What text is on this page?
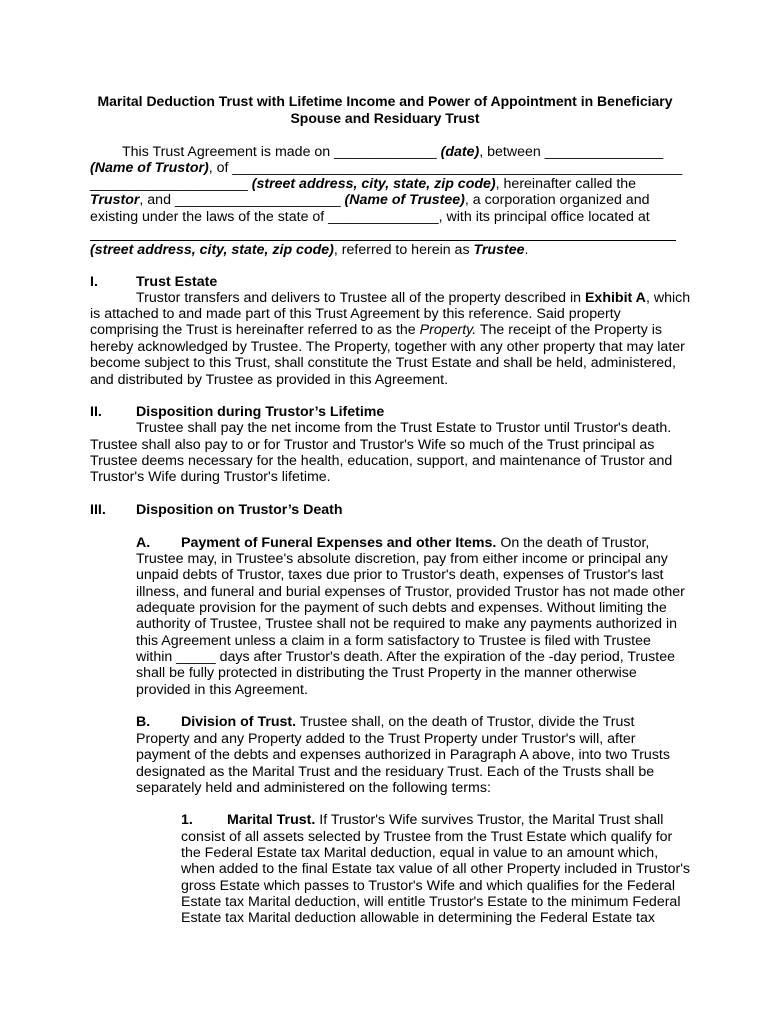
Marital Deduction Trust with Lifetime Income and Power of Appointment in Beneficiary Spouse and Residuary Trust
This Trust Agreement is made on _____________ (date), between _______________
(Name of Trustor), of _________________________________________________________
____________________ (street address, city, state, zip code), hereinafter called the
Trustor, and _____________________ (Name of Trustee), a corporation organized and
existing under the laws of the state of ______________, with its principal office located at
(street address, city, state, zip code), referred to herein as Trustee.
I.	Trust Estate
Trustor transfers and delivers to Trustee all of the property described in Exhibit A, which
is attached to and made part of this Trust Agreement by this reference. Said property
comprising the Trust is hereinafter referred to as the Property. The receipt of the Property is
hereby acknowledged by Trustee. The Property, together with any other property that may later
become subject to this Trust, shall constitute the Trust Estate and shall be held, administered,
and distributed by Trustee as provided in this Agreement.
II. Disposition during Trustor’s Lifetime
Trustee shall pay the net income from the Trust Estate to Trustor until Trustor's death.
Trustee shall also pay to or for Trustor and Trustor's Wife so much of the Trust principal as
Trustee deems necessary for the health, education, support, and maintenance of Trustor and
Trustor's Wife during Trustor's lifetime.
III. Disposition on Trustor’s Death
A. Payment of Funeral Expenses and other Items. On the death of Trustor,
Trustee may, in Trustee's absolute discretion, pay from either income or principal any
unpaid debts of Trustor, taxes due prior to Trustor's death, expenses of Trustor's last
illness, and funeral and burial expenses of Trustor, provided Trustor has not made other
adequate provision for the payment of such debts and expenses. Without limiting the
authority of Trustee, Trustee shall not be required to make any payments authorized in
this Agreement unless a claim in a form satisfactory to Trustee is filed with Trustee
within _____ days after Trustor's death. After the expiration of the -day period, Trustee
shall be fully protected in distributing the Trust Property in the manner otherwise
provided in this Agreement.
B. Division of Trust. Trustee shall, on the death of Trustor, divide the Trust
Property and any Property added to the Trust Property under Trustor's will, after
payment of the debts and expenses authorized in Paragraph A above, into two Trusts
designated as the Marital Trust and the residuary Trust. Each of the Trusts shall be
separately held and administered on the following terms:
1. Marital Trust. If Trustor's Wife survives Trustor, the Marital Trust shall
consist of all assets selected by Trustee from the Trust Estate which qualify for
the Federal Estate tax Marital deduction, equal in value to an amount which,
when added to the final Estate tax value of all other Property included in Trustor's
gross Estate which passes to Trustor's Wife and which qualifies for the Federal
Estate tax Marital deduction, will entitle Trustor's Estate to the minimum Federal
Estate tax Marital deduction allowable in determining the Federal Estate tax
